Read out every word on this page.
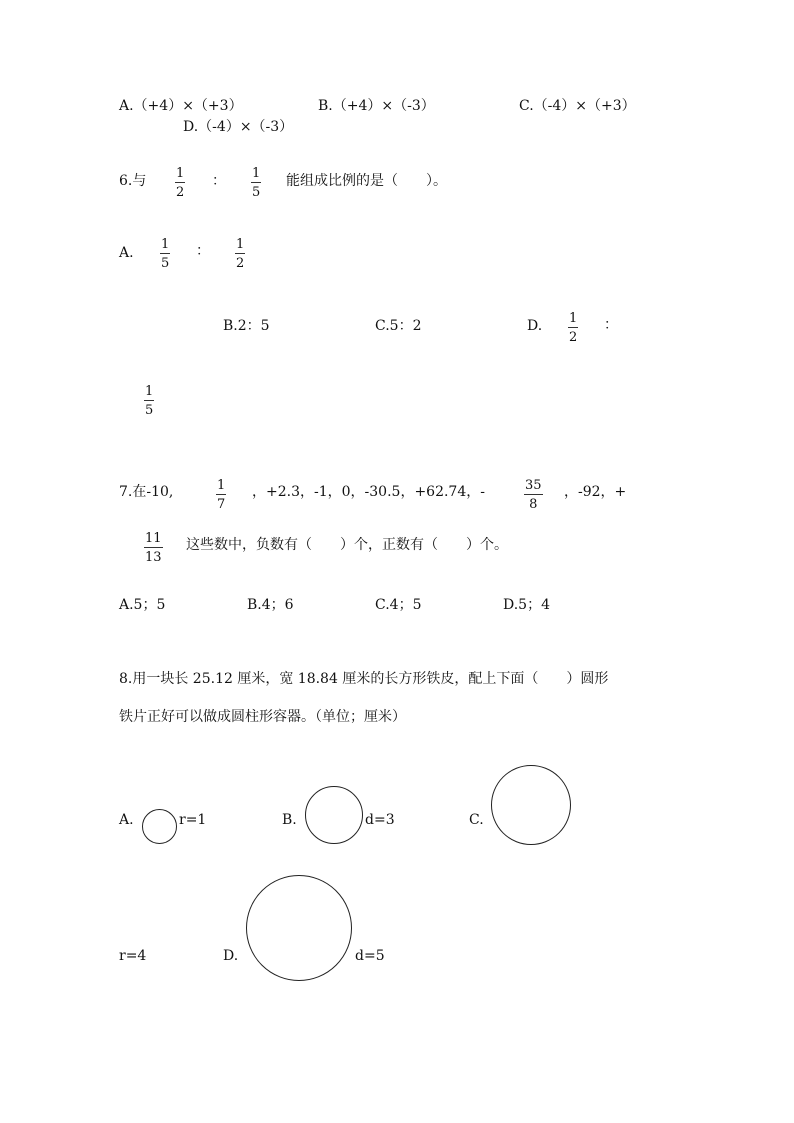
A.（+4）×（+3）	B.（+4）×（-3）	C.（-4）×（+3）
D.（-4）×（-3）
6.与 1
2
： 1
5
能组成比例的是（　　）。
A.
1
5
： 1
2
B.2：5	C.5：2	D. 1
2
：
1
5
7.在-10,	1
7
，+2.3，-1，0，-30.5，+62.74，-	35
8
，-92，+
11
13
这些数中，负数有（　　）个，正数有（　　）个。
A.5；5	B.4；6	C.4；5	D.5；4
8.用一块长 25.12 厘米，宽 18.84 厘米的长方形铁皮，配上下面（　　）圆形
铁片正好可以做成圆柱形容器。（单位；厘米）
A.	r=1	B.	d=3	C.
r=4	D.	d=5
